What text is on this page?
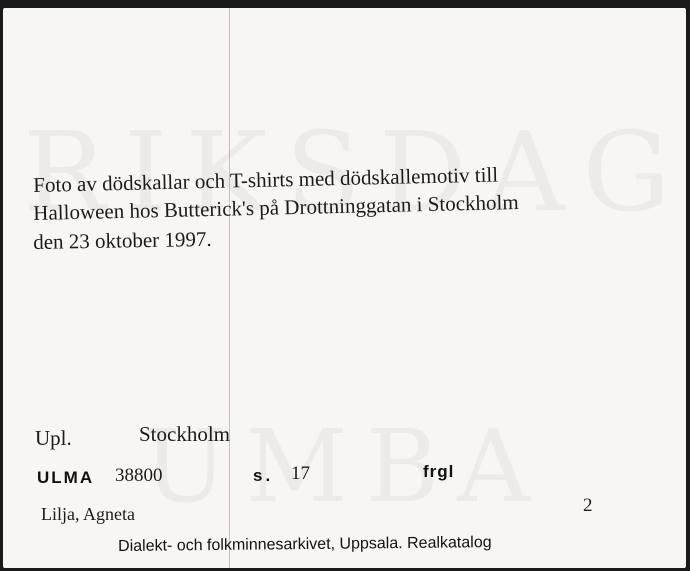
Foto av dödskallar och T-shirts med dödskallemotiv till
Halloween hos Butterick's på Drottninggatan i Stockholm
den 23 oktober 1997.
Upl.	Stockholm
ULMA 38800	s. 17	frgl
Lilja, Agneta	2
Dialekt- och folkminnesarkivet, Uppsala. Realkatalog
